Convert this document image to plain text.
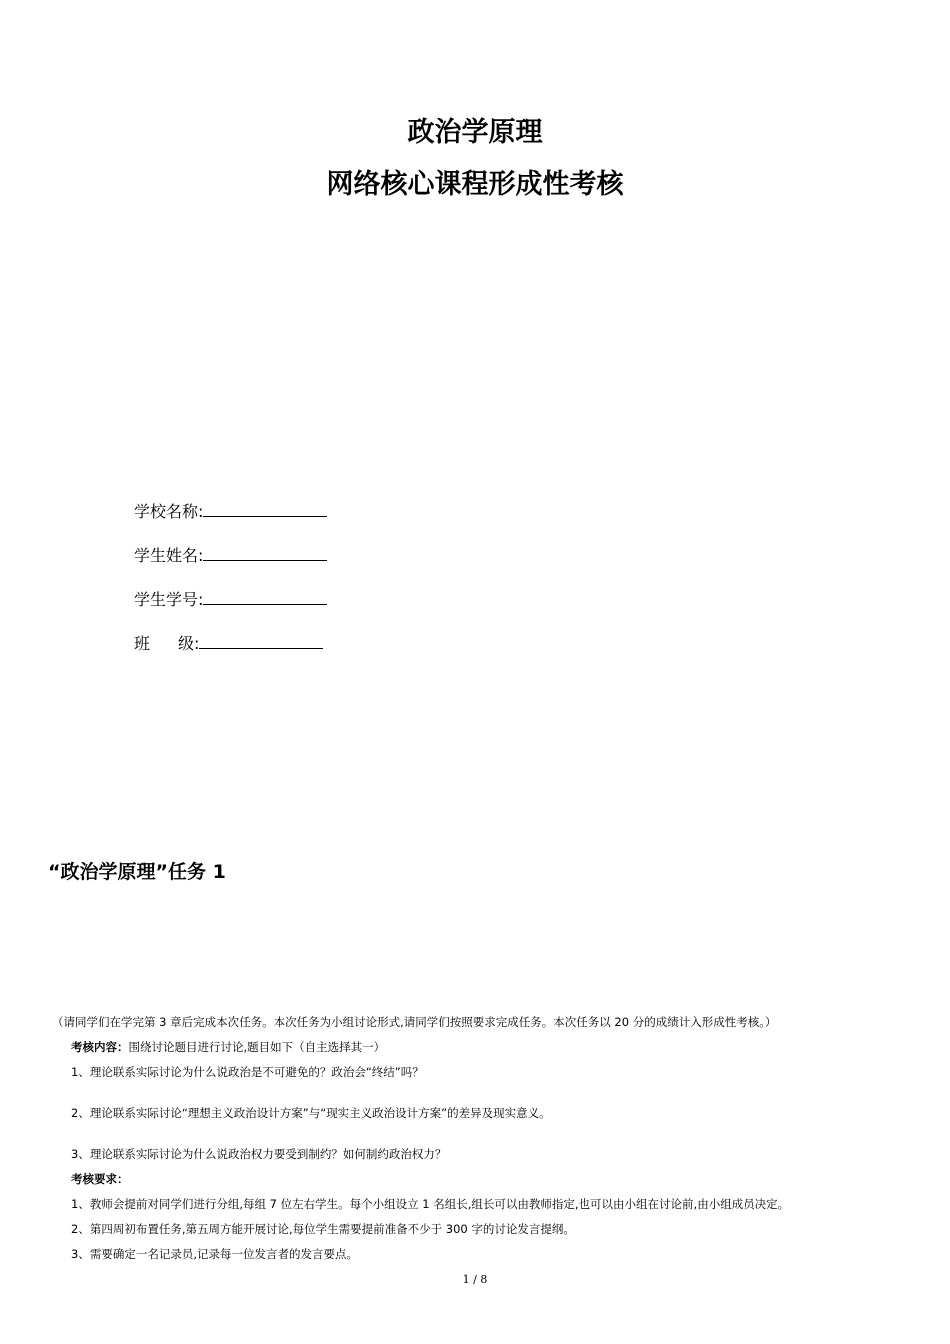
政治学原理
网络核心课程形成性考核
学校名称:
学生姓名:
学生学号:
班 级:
“政治学原理”任务 1
（请同学们在学完第 3 章后完成本次任务。本次任务为小组讨论形式,请同学们按照要求完成任务。本次任务以 20 分的成绩计入形成性考核。）
考核内容：围绕讨论题目进行讨论,题目如下（自主选择其一）
1、理论联系实际讨论为什么说政治是不可避免的？政治会“终结”吗？
2、理论联系实际讨论“理想主义政治设计方案”与“现实主义政治设计方案”的差异及现实意义。
3、理论联系实际讨论为什么说政治权力要受到制约？如何制约政治权力？
考核要求：
1、教师会提前对同学们进行分组,每组 7 位左右学生。每个小组设立 1 名组长,组长可以由教师指定,也可以由小组在讨论前,由小组成员决定。
2、第四周初布置任务,第五周方能开展讨论,每位学生需要提前准备不少于 300 字的讨论发言提纲。
3、需要确定一名记录员,记录每一位发言者的发言要点。
1 / 8
